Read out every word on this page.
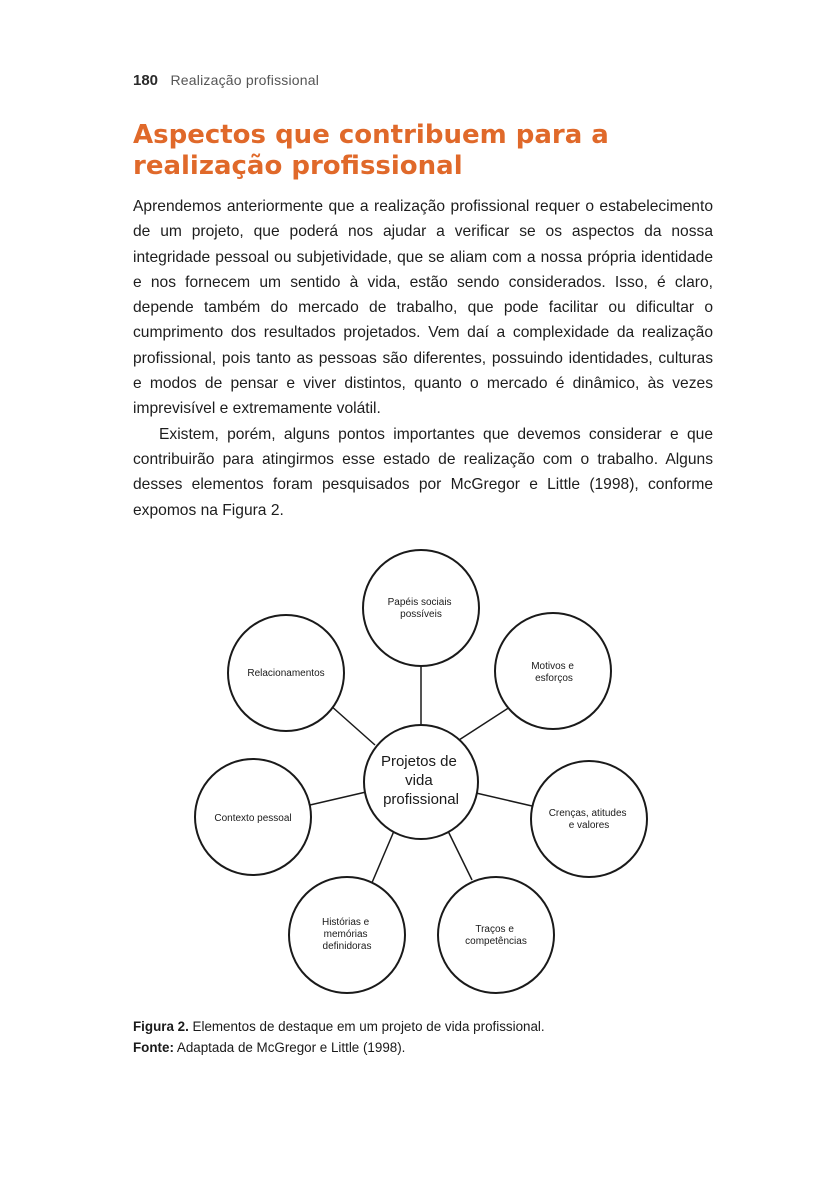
180 Realização profissional
Aspectos que contribuem para a realização profissional

Aprendemos anteriormente que a realização profissional requer o estabelecimento de um projeto, que poderá nos ajudar a verificar se os aspectos da nossa integridade pessoal ou subjetividade, que se aliam com a nossa própria identidade e nos fornecem um sentido à vida, estão sendo considerados. Isso, é claro, depende também do mercado de trabalho, que pode facilitar ou dificultar o cumprimento dos resultados projetados. Vem daí a complexidade da realização profissional, pois tanto as pessoas são diferentes, possuindo identidades, culturas e modos de pensar e viver distintos, quanto o mercado é dinâmico, às vezes imprevisível e extremamente volátil.

Existem, porém, alguns pontos importantes que devemos considerar e que contribuirão para atingirmos esse estado de realização com o trabalho. Alguns desses elementos foram pesquisados por McGregor e Little (1998), conforme expomos na Figura 2.

Papéis sociais possíveis
Motivos e esforços
Crenças, atitudes e valores
Traços e competências
Histórias e memórias definidoras
Contexto pessoal
Relacionamentos
Projetos de vida profissional
Figura 2. Elementos de destaque em um projeto de vida profissional.
Fonte: Adaptada de McGregor e Little (1998).
